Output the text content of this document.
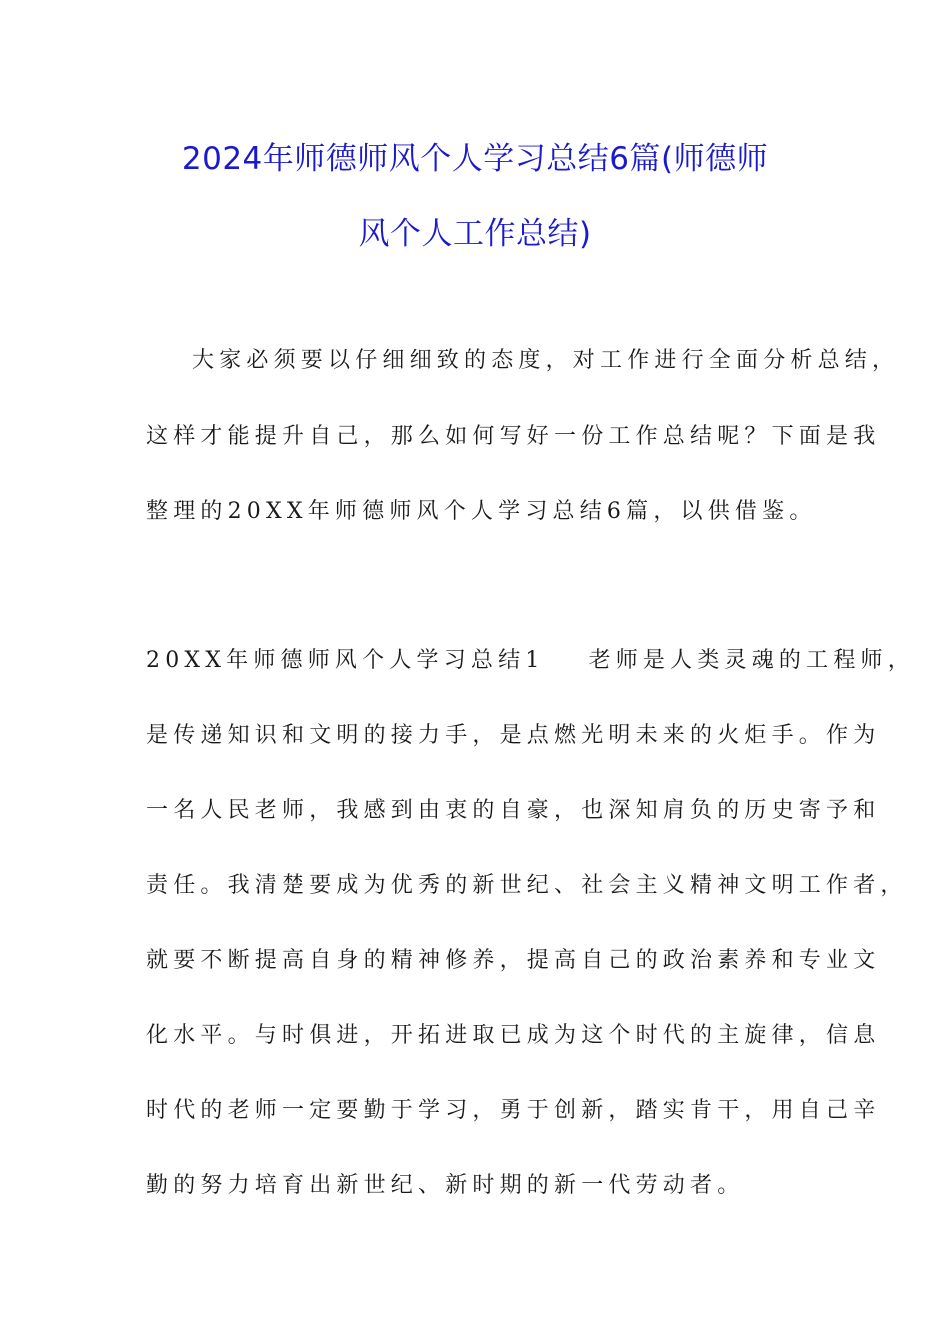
2024年师德师风个人学习总结6篇(师德师
风个人工作总结)
大家必须要以仔细细致的态度，对工作进行全面分析总结，
这样才能提升自己，那么如何写好一份工作总结呢？下面是我
整理的20XX年师德师风个人学习总结6篇，以供借鉴。
20XX年师德师风个人学习总结1 老师是人类灵魂的工程师，
是传递知识和文明的接力手，是点燃光明未来的火炬手。作为
一名人民老师，我感到由衷的自豪，也深知肩负的历史寄予和
责任。我清楚要成为优秀的新世纪、社会主义精神文明工作者，
就要不断提高自身的精神修养，提高自己的政治素养和专业文
化水平。与时俱进，开拓进取已成为这个时代的主旋律，信息
时代的老师一定要勤于学习，勇于创新，踏实肯干，用自己辛
勤的努力培育出新世纪、新时期的新一代劳动者。
